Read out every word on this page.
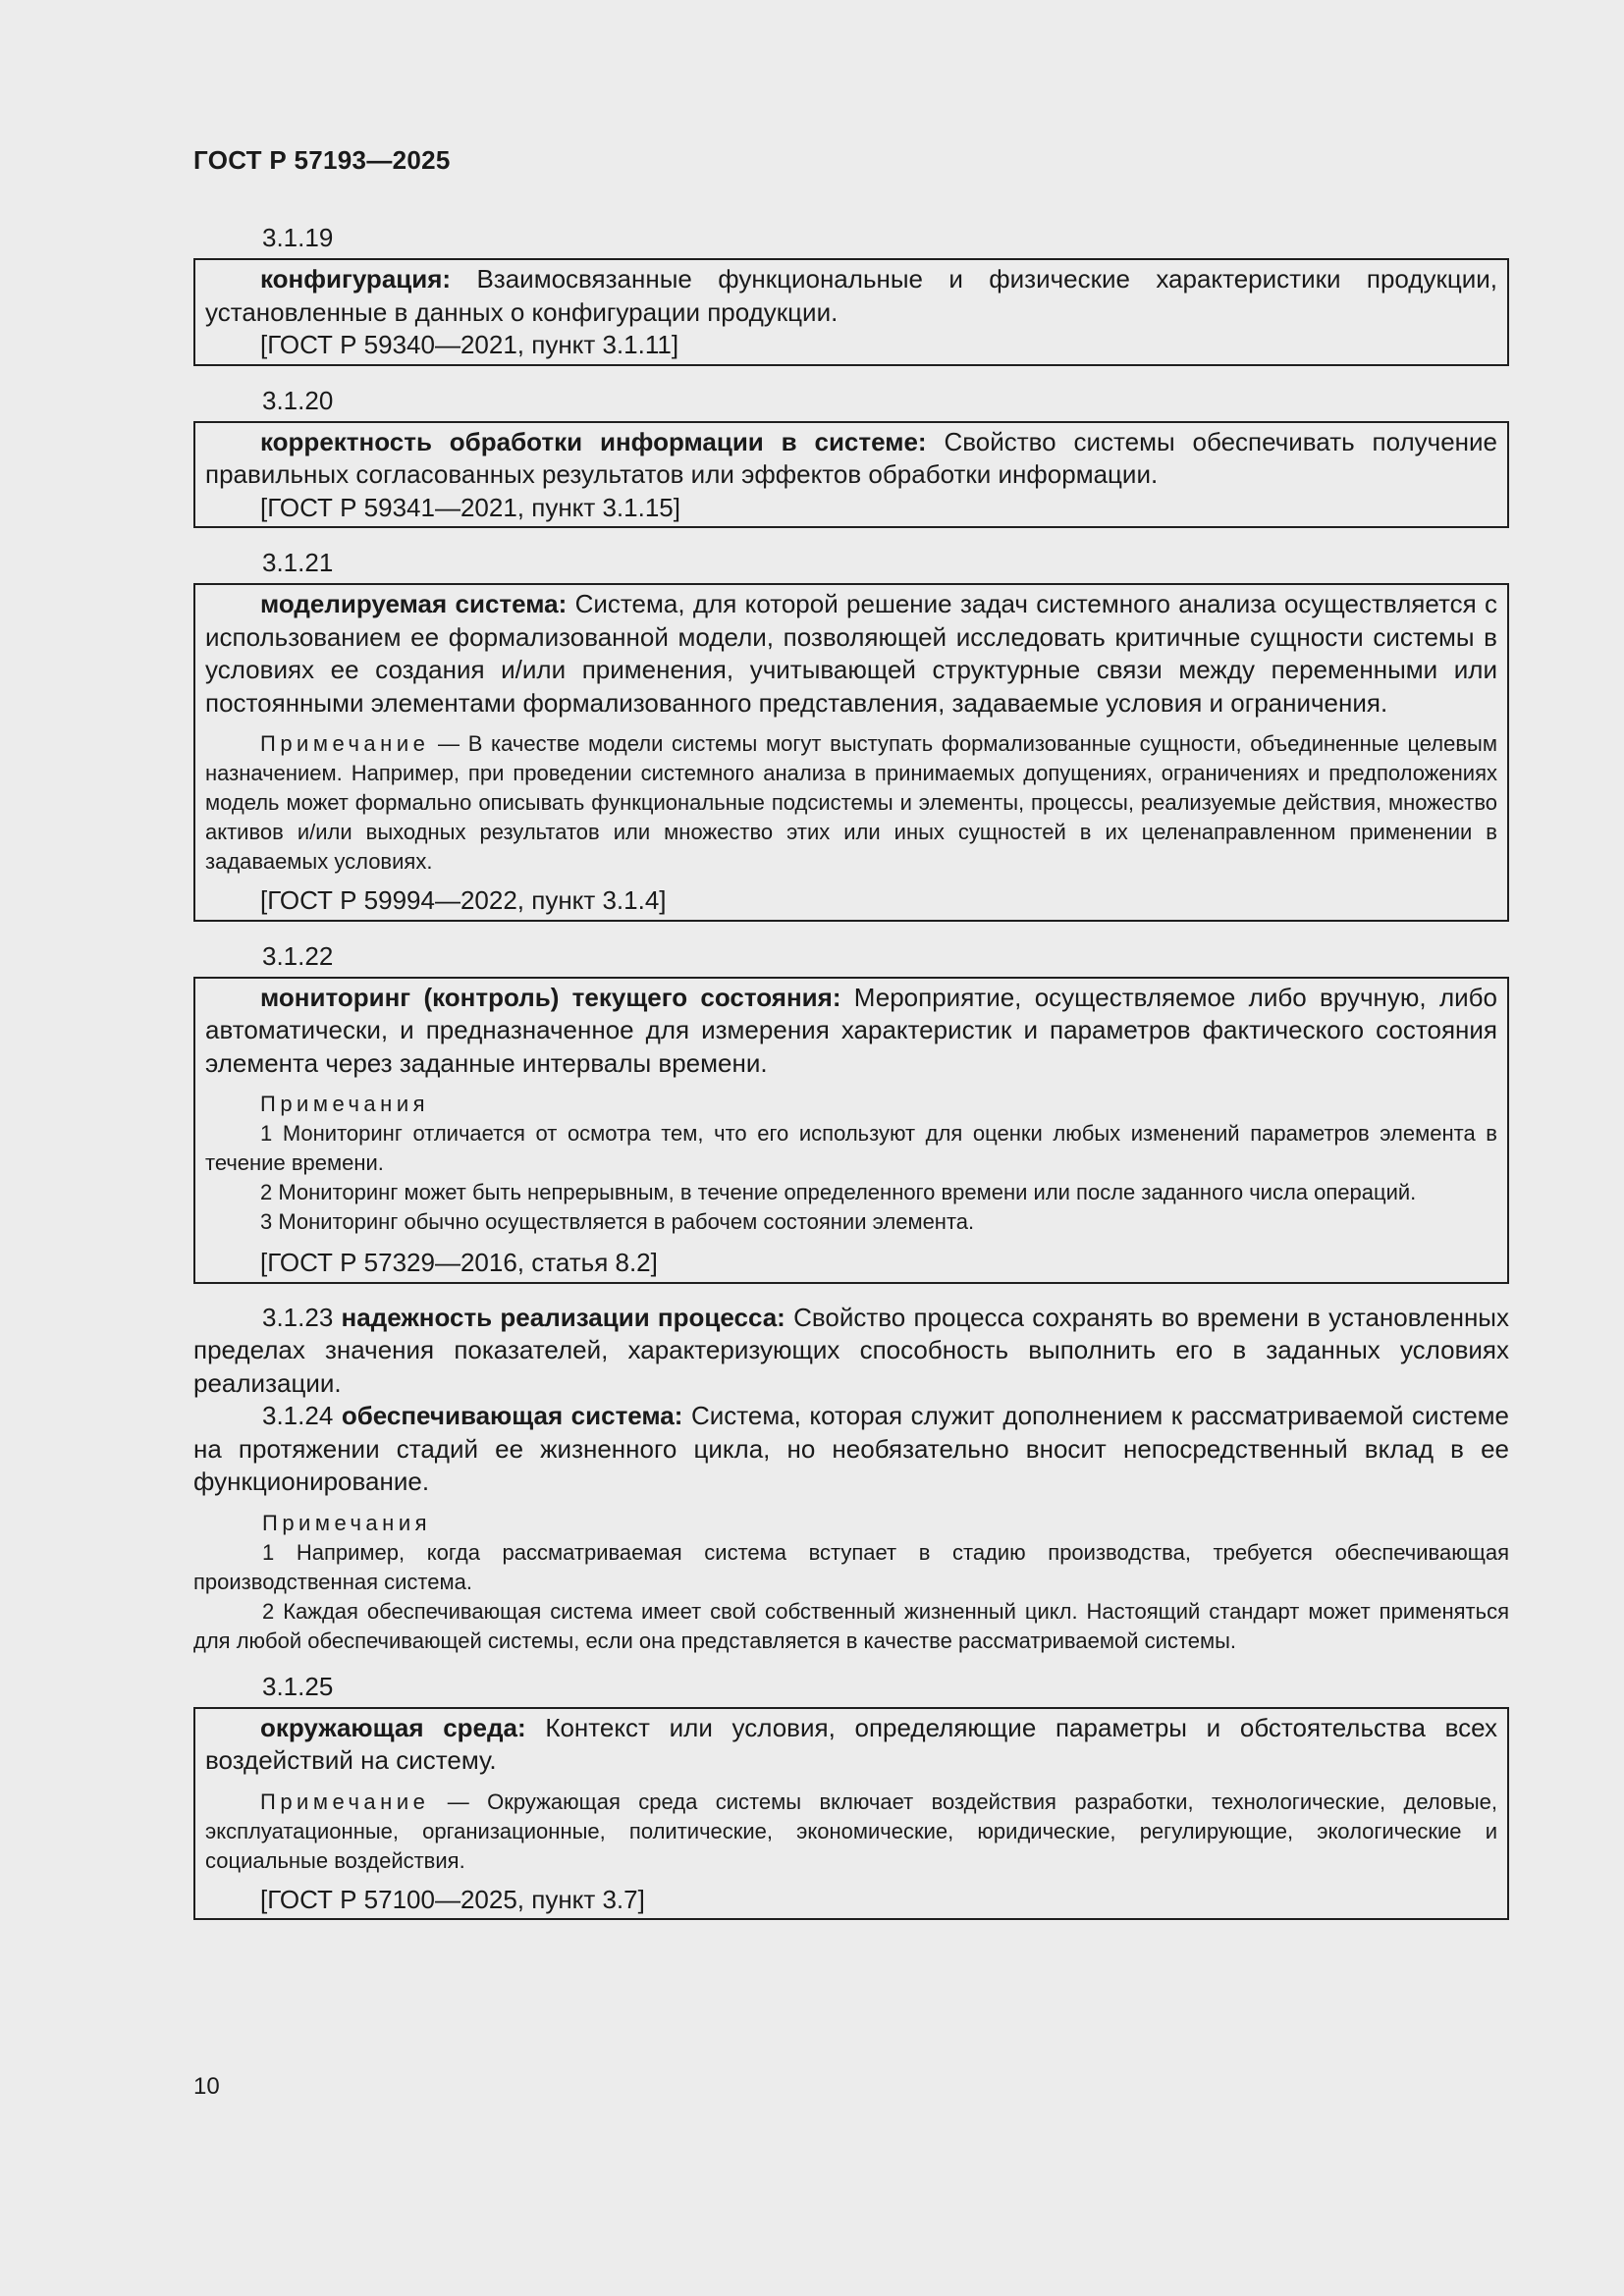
ГОСТ Р 57193—2025

3.1.19

конфигурация: Взаимосвязанные функциональные и физические характеристики продукции, установленные в данных о конфигурации продукции.

[ГОСТ Р 59340—2021, пункт 3.1.11]

3.1.20

корректность обработки информации в системе: Свойство системы обеспечивать получение правильных согласованных результатов или эффектов обработки информации.

[ГОСТ Р 59341—2021, пункт 3.1.15]

3.1.21

моделируемая система: Система, для которой решение задач системного анализа осуществляется с использованием ее формализованной модели, позволяющей исследовать критичные сущности системы в условиях ее создания и/или применения, учитывающей структурные связи между переменными или постоянными элементами формализованного представления, задаваемые условия и ограничения.

Примечание — В качестве модели системы могут выступать формализованные сущности, объединенные целевым назначением. Например, при проведении системного анализа в принимаемых допущениях, ограничениях и предположениях модель может формально описывать функциональные подсистемы и элементы, процессы, реализуемые действия, множество активов и/или выходных результатов или множество этих или иных сущностей в их целенаправленном применении в задаваемых условиях.

[ГОСТ Р 59994—2022, пункт 3.1.4]

3.1.22

мониторинг (контроль) текущего состояния: Мероприятие, осуществляемое либо вручную, либо автоматически, и предназначенное для измерения характеристик и параметров фактического состояния элемента через заданные интервалы времени.

Примечания

1 Мониторинг отличается от осмотра тем, что его используют для оценки любых изменений параметров элемента в течение времени.

2 Мониторинг может быть непрерывным, в течение определенного времени или после заданного числа операций.

3 Мониторинг обычно осуществляется в рабочем состоянии элемента.

[ГОСТ Р 57329—2016, статья 8.2]

3.1.23 надежность реализации процесса: Свойство процесса сохранять во времени в установленных пределах значения показателей, характеризующих способность выполнить его в заданных условиях реализации.

3.1.24 обеспечивающая система: Система, которая служит дополнением к рассматриваемой системе на протяжении стадий ее жизненного цикла, но необязательно вносит непосредственный вклад в ее функционирование.

Примечания

1 Например, когда рассматриваемая система вступает в стадию производства, требуется обеспечивающая производственная система.

2 Каждая обеспечивающая система имеет свой собственный жизненный цикл. Настоящий стандарт может применяться для любой обеспечивающей системы, если она представляется в качестве рассматриваемой системы.

3.1.25

окружающая среда: Контекст или условия, определяющие параметры и обстоятельства всех воздействий на систему.

Примечание — Окружающая среда системы включает воздействия разработки, технологические, деловые, эксплуатационные, организационные, политические, экономические, юридические, регулирующие, экологические и социальные воздействия.

[ГОСТ Р 57100—2025, пункт 3.7]

10
